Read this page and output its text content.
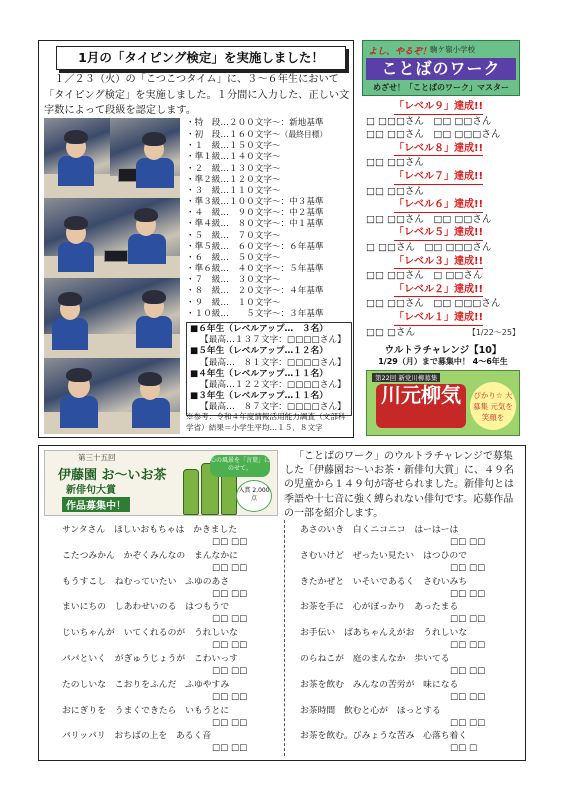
1月の「タイピング検定」を実施しました！
１／２３（火）の「こつこつタイム」に、３～６年生において「タイピング検定」を実施しました。１分間に入力した、正しい文字数によって段級を認定します。
・特　段…２００文字～：新地基準
・初　段…１６０文字～（最終目標）
・１　級…１５０文字～
・準１級…１４０文字～
・２　級…１３０文字～
・準２級…１２０文字～
・３　級…１１０文字～
・準３級…１００文字～：中３基準
・４　級…　９０文字～：中２基準
・準４級…　８０文字～：中１基準
・５　級…　７０文字～
・準５級…　６０文字～：６年基準
・６　級…　５０文字～
・準６級…　４０文字～：５年基準
・７　級…　３０文字～
・８　級…　２０文字～：４年基準
・９　級…　１０文字～
・１０級…　　５文字～：３年基準
■６年生（レベルアップ…　３名）
【最高…１３７文字：□□□□さん】
■５年生（レベルアップ…１２名）
【最高…　８１文字：□□□□さん】
■４年生（レベルアップ…１１名）
【最高…１２２文字：□□□□さん】
■３年生（レベルアップ…１１名）
【最高…　８７文字：□□□□さん】
※参考：令和４年度情報活用能力調査（文部科学省）結果＝小学生平均…１５．８文字
よし、やるぞ！
駒ケ嶺小学校
ことばのワーク
めざせ！「ことばのワーク」マスター
「レベル９」達成!!
□ □□□さん　□□ □□さん
□□ □□さん　□□ □□□さん
「レベル８」達成!!
□□ □□さん
「レベル７」達成!!
□□ □□さん
「レベル６」達成!!
□□ □□さん　□□ □□さん
「レベル５」達成!!
□ □□さん　□□ □□□さん
「レベル３」達成!!
□□ □□さん　□ □□さん
「レベル２」達成!!
□□ □□さん　□□ □□□さん
「レベル１」達成!!
□□ □さん	【1/22～25】
ウルトラチャレンジ【10】
1/29（月）まで募集中！ 4～6年生
第22回 新党川柳募集
川元柳気	ぴかり☆ 大募集 元気を 笑顔を
第三十五回
伊藤園 お～いお茶
新俳句大賞
作品募集中！
心の風景を「言葉」にのせて。
入賞 2,000点
「ことばのワーク」のウルトラチャレンジで募集した「伊藤園お～いお茶・新俳句大賞」に、４９名の児童から１４９句が寄せられました。新俳句とは季語や十七音に強く縛られない俳句です。応募作品の一部を紹介します。
サンタさん　ほしいおもちゃは　かきました
□□ □□
こたつみかん　かぞくみんなの　まんなかに
□□ □□
もうすこし　ねむっていたい　ふゆのあさ
□□ □□
まいにちの　しあわせいのる　はつもうで
□□ □□
じいちゃんが　いてくれるのが　うれしいな
□□ □□
パパといく　がぎゅうじょうが　こわいっす
□□ □□
たのしいな　こおりをふんだ　ふゆやすみ
□□ □□
おにぎりを　うまくできたら　いもうとに
□□ □□
パリッパリ　おちばの上を　あるく音
□□ □□
あさのいき　白くニコニコ　はーはーは
□□ □□
さむいけど　ぜったい見たい　はつひので
□□ □□
きたかぜと　いそいであるく　さむいみち
□□ □□
お茶を手に　心がぽっかり　あったまる
□□ □□
お手伝い　ばあちゃんえがお　うれしいな
□□ □□
のらねこが　庭のまんなか　歩いてる
□□ □□
お茶を飲む　みんなの苦労が　味になる
□□ □□
お茶時間　飲むと心が　ほっとする
□□ □□
お茶を飲む。びみょうな苦み　心落ち着く
□□ □
